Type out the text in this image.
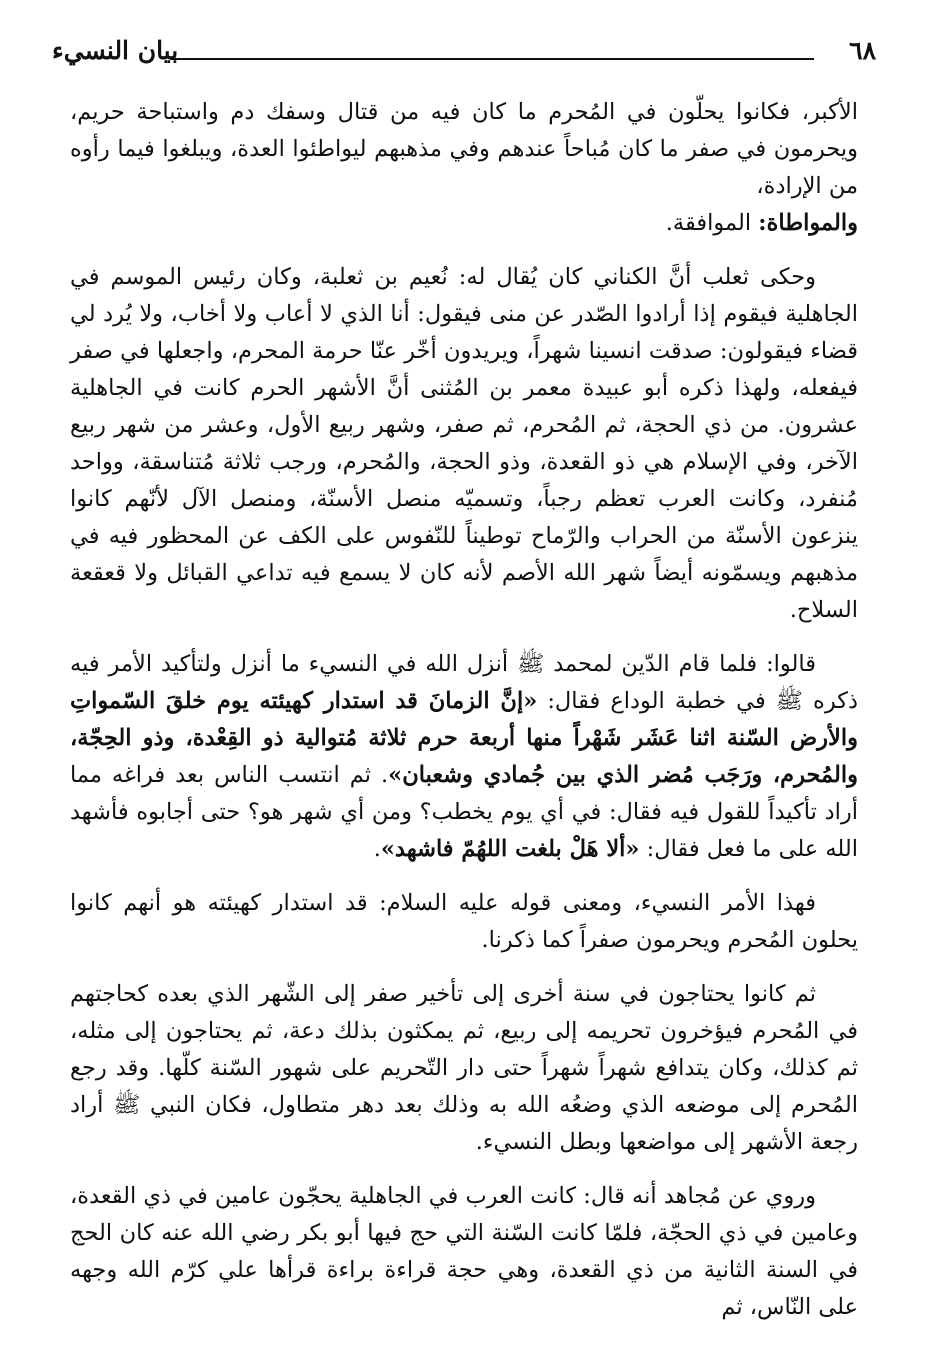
٦٨
بيان النسيء

الأكبر، فكانوا يحلّون في المُحرم ما كان فيه من قتال وسفك دم واستباحة حريم، ويحرمون في صفر ما كان مُباحاً عندهم وفي مذهبهم ليواطئوا العدة، ويبلغوا فيما رأوه من الإرادة،
والمواطاة: الموافقة.

وحكى ثعلب أنَّ الكناني كان يُقال له: نُعيم بن ثعلبة، وكان رئيس الموسم في الجاهلية فيقوم إذا أرادوا الصّدر عن منى فيقول: أنا الذي لا أعاب ولا أخاب، ولا يُرد لي قضاء فيقولون: صدقت انسينا شهراً، ويريدون أخّر عنّا حرمة المحرم، واجعلها في صفر فيفعله، ولهذا ذكره أبو عبيدة معمر بن المُثنى أنَّ الأشهر الحرم كانت في الجاهلية عشرون. من ذي الحجة، ثم المُحرم، ثم صفر، وشهر ربيع الأول، وعشر من شهر ربيع الآخر، وفي الإسلام هي ذو القعدة، وذو الحجة، والمُحرم، ورجب ثلاثة مُتناسقة، وواحد مُنفرد، وكانت العرب تعظم رجباً، وتسميّه منصل الأسنّة، ومنصل الآل لأنّهم كانوا ينزعون الأسنّة من الحراب والرّماح توطيناً للنّفوس على الكف عن المحظور فيه في مذهبهم ويسمّونه أيضاً شهر الله الأصم لأنه كان لا يسمع فيه تداعي القبائل ولا قعقعة السلاح.

قالوا: فلما قام الدّين لمحمد ﷺ أنزل الله في النسيء ما أنزل ولتأكيد الأمر فيه ذكره ﷺ في خطبة الوداع فقال: «إنَّ الزمانَ قد استدار كهيئته يوم خلقَ السّمواتِ والأرض السّنة اثنا عَشَر شَهْراً منها أربعة حرم ثلاثة مُتوالية ذو القِعْدة، وذو الحِجّة، والمُحرم، ورَجَب مُضر الذي بين جُمادي وشعبان». ثم انتسب الناس بعد فراغه مما أراد تأكيداً للقول فيه فقال: في أي يوم يخطب؟ ومن أي شهر هو؟ حتى أجابوه فأشهد الله على ما فعل فقال: «ألا هَلْ بلغت اللهُمّ فاشهد».

فهذا الأمر النسيء، ومعنى قوله عليه السلام: قد استدار كهيئته هو أنهم كانوا يحلون المُحرم ويحرمون صفراً كما ذكرنا.

ثم كانوا يحتاجون في سنة أخرى إلى تأخير صفر إلى الشّهر الذي بعده كحاجتهم في المُحرم فيؤخرون تحريمه إلى ربيع، ثم يمكثون بذلك دعة، ثم يحتاجون إلى مثله، ثم كذلك، وكان يتدافع شهراً شهراً حتى دار التّحريم على شهور السّنة كلّها. وقد رجع المُحرم إلى موضعه الذي وضعُه الله به وذلك بعد دهر متطاول، فكان النبي ﷺ أراد رجعة الأشهر إلى مواضعها وبطل النسيء.

وروي عن مُجاهد أنه قال: كانت العرب في الجاهلية يحجّون عامين في ذي القعدة، وعامين في ذي الحجّة، فلمّا كانت السّنة التي حج فيها أبو بكر رضي الله عنه كان الحج في السنة الثانية من ذي القعدة، وهي حجة قراءة براءة قرأها علي كرّم الله وجهه على النّاس، ثم
